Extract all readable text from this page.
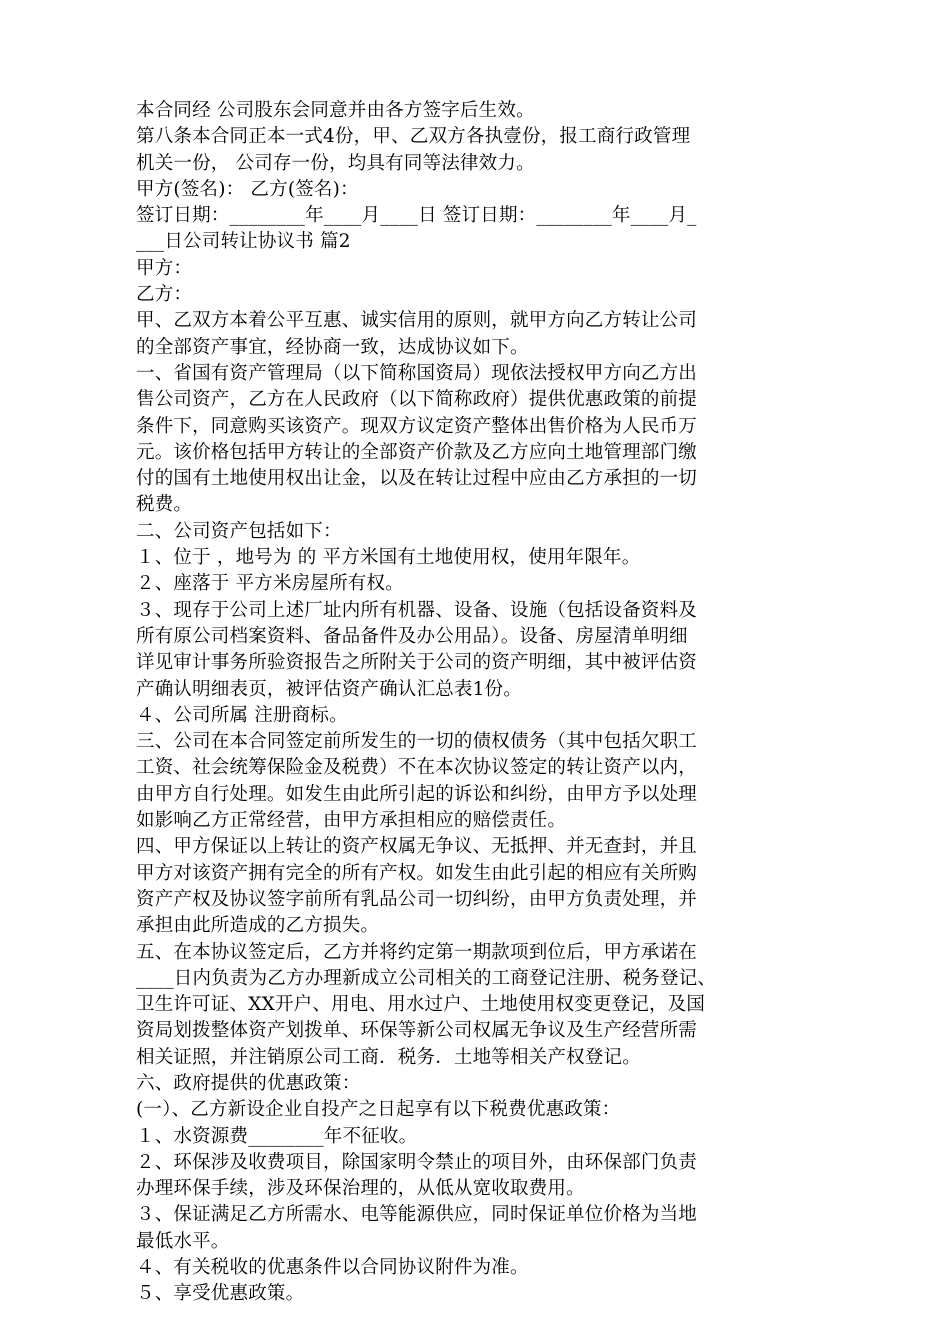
本合同经 公司股东会同意并由各方签字后生效。

第八条本合同正本一式4份，甲、乙双方各执壹份，报工商行政管理

机关一份， 公司存一份，均具有同等法律效力。

甲方(签名)： 乙方(签名)：

签订日期：________年____月____日 签订日期：________年____月_

___日公司转让协议书 篇2

甲方：

乙方：

甲、乙双方本着公平互惠、诚实信用的原则，就甲方向乙方转让公司

的全部资产事宜，经协商一致，达成协议如下。

一、省国有资产管理局（以下简称国资局）现依法授权甲方向乙方出

售公司资产，乙方在人民政府（以下简称政府）提供优惠政策的前提

条件下，同意购买该资产。现双方议定资产整体出售价格为人民币万

元。该价格包括甲方转让的全部资产价款及乙方应向土地管理部门缴

付的国有土地使用权出让金，以及在转让过程中应由乙方承担的一切

税费。

二、公司资产包括如下：

１、位于 ，地号为 的 平方米国有土地使用权，使用年限年。

２、座落于 平方米房屋所有权。

３、现存于公司上述厂址内所有机器、设备、设施（包括设备资料及

所有原公司档案资料、备品备件及办公用品）。设备、房屋清单明细

详见审计事务所验资报告之所附关于公司的资产明细，其中被评估资

产确认明细表页，被评估资产确认汇总表1份。

４、公司所属 注册商标。

三、公司在本合同签定前所发生的一切的债权债务（其中包括欠职工

工资、社会统筹保险金及税费）不在本次协议签定的转让资产以内，

由甲方自行处理。如发生由此所引起的诉讼和纠纷，由甲方予以处理

如影响乙方正常经营，由甲方承担相应的赔偿责任。

四、甲方保证以上转让的资产权属无争议、无抵押、并无查封，并且

甲方对该资产拥有完全的所有产权。如发生由此引起的相应有关所购

资产产权及协议签字前所有乳品公司一切纠纷，由甲方负责处理，并

承担由此所造成的乙方损失。

五、在本协议签定后，乙方并将约定第一期款项到位后，甲方承诺在

____日内负责为乙方办理新成立公司相关的工商登记注册、税务登记、

卫生许可证、XX开户、用电、用水过户、土地使用权变更登记，及国

资局划拨整体资产划拨单、环保等新公司权属无争议及生产经营所需

相关证照，并注销原公司工商．税务．土地等相关产权登记。

六、政府提供的优惠政策：

(一）、乙方新设企业自投产之日起享有以下税费优惠政策：

１、水资源费________年不征收。

２、环保涉及收费项目，除国家明令禁止的项目外，由环保部门负责

办理环保手续，涉及环保治理的，从低从宽收取费用。

３、保证满足乙方所需水、电等能源供应，同时保证单位价格为当地

最低水平。

４、有关税收的优惠条件以合同协议附件为准。

５、享受优惠政策。
